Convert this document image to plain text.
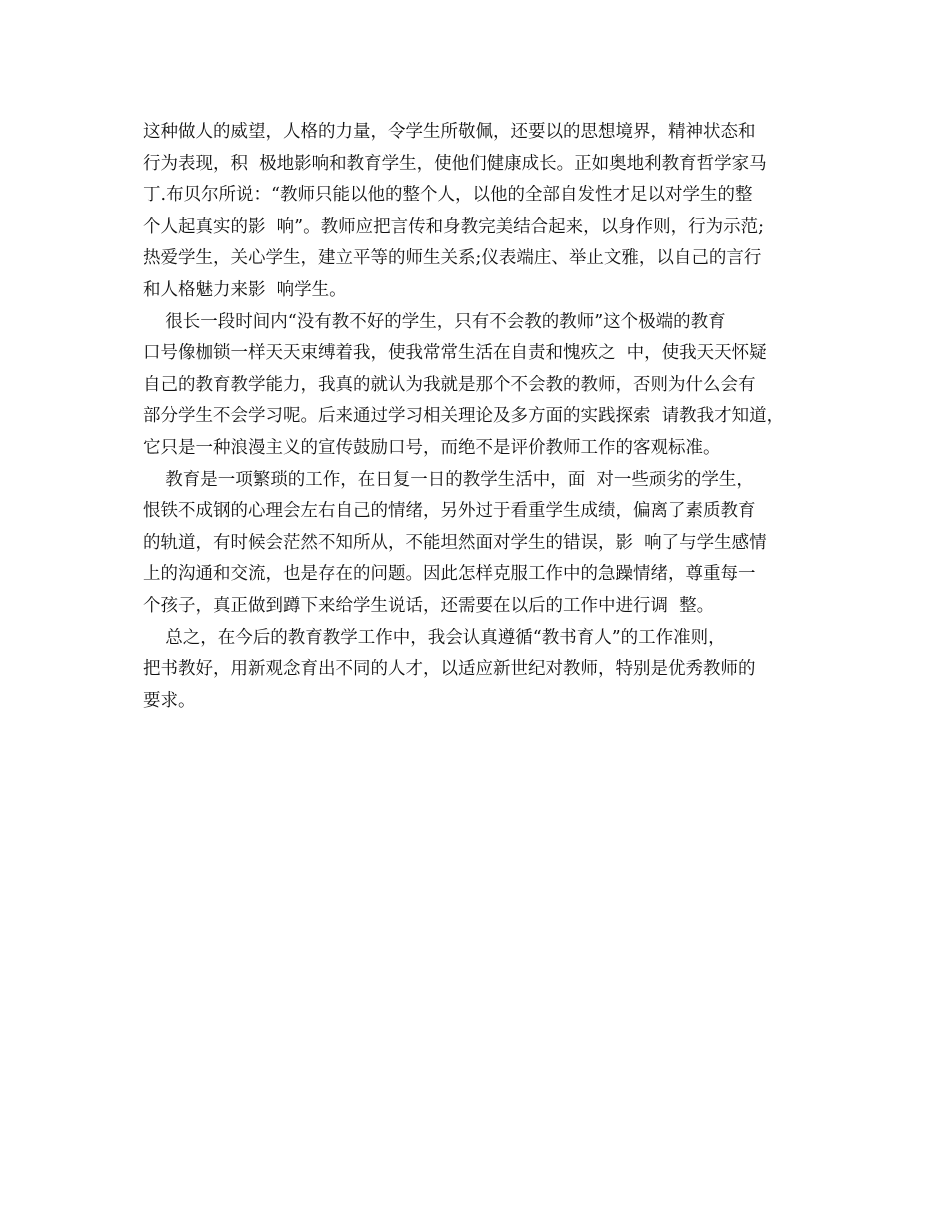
这种做人的威望，人格的力量，令学生所敬佩，还要以的思想境界，精神状态和
行为表现，积  极地影响和教育学生，使他们健康成长。正如奥地利教育哲学家马
丁.布贝尔所说：“教师只能以他的整个人，以他的全部自发性才足以对学生的整
个人起真实的影  响”。教师应把言传和身教完美结合起来，以身作则，行为示范;
热爱学生，关心学生，建立平等的师生关系;仪表端庄、举止文雅，以自己的言行
和人格魅力来影  响学生。
很长一段时间内“没有教不好的学生，只有不会教的教师”这个极端的教育
口号像枷锁一样天天束缚着我，使我常常生活在自责和愧疚之  中，使我天天怀疑
自己的教育教学能力，我真的就认为我就是那个不会教的教师，否则为什么会有
部分学生不会学习呢。后来通过学习相关理论及多方面的实践探索  请教我才知道，
它只是一种浪漫主义的宣传鼓励口号，而绝不是评价教师工作的客观标准。
教育是一项繁琐的工作，在日复一日的教学生活中，面  对一些顽劣的学生，
恨铁不成钢的心理会左右自己的情绪，另外过于看重学生成绩，偏离了素质教育
的轨道，有时候会茫然不知所从，不能坦然面对学生的错误，影  响了与学生感情
上的沟通和交流，也是存在的问题。因此怎样克服工作中的急躁情绪，尊重每一
个孩子，真正做到蹲下来给学生说话，还需要在以后的工作中进行调  整。
总之，在今后的教育教学工作中，我会认真遵循“教书育人”的工作准则，
把书教好，用新观念育出不同的人才，以适应新世纪对教师，特别是优秀教师的
要求。
